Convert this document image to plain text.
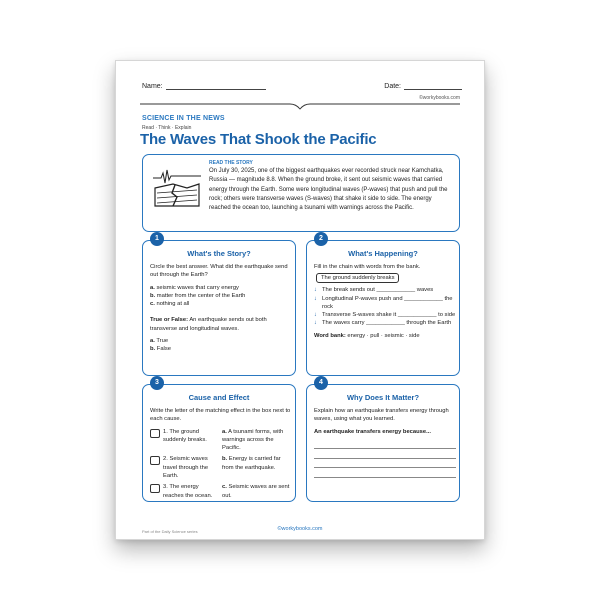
Name:	Date:
©workybooks.com
SCIENCE IN THE NEWS
Read · Think · Explain
The Waves That Shook the Pacific
READ THE STORY
On July 30, 2025, one of the biggest earthquakes ever recorded struck near Kamchatka, Russia — magnitude 8.8. When the ground broke, it sent out seismic waves that carried energy through the Earth. Some were longitudinal waves (P-waves) that push and pull the rock; others were transverse waves (S-waves) that shake it side to side. The energy reached the ocean too, launching a tsunami with warnings across the Pacific.
1
What's the Story?
Circle the best answer. What did the earthquake send out through the Earth?
a. seismic waves that carry energy
b. matter from the center of the Earth
c. nothing at all
True or False: An earthquake sends out both transverse and longitudinal waves.
a. True
b. False
2
What's Happening?
Fill in the chain with words from the bank.
The ground suddenly breaks
↓ The break sends out ____________ waves
↓ Longitudinal P-waves push and ____________ the rock
↓ Transverse S-waves shake it ____________ to side
↓ The waves carry ____________ through the Earth
Word bank: energy · pull · seismic · side
3
Cause and Effect
Write the letter of the matching effect in the box next to each cause.
1. The ground suddenly breaks.
a. A tsunami forms, with warnings across the Pacific.
2. Seismic waves travel through the Earth.
b. Energy is carried far from the earthquake.
3. The energy reaches the ocean.
c. Seismic waves are sent out.
4
Why Does It Matter?
Explain how an earthquake transfers energy through waves, using what you learned.
An earthquake transfers energy because...
Part of the Daily Science series	©workybooks.com
